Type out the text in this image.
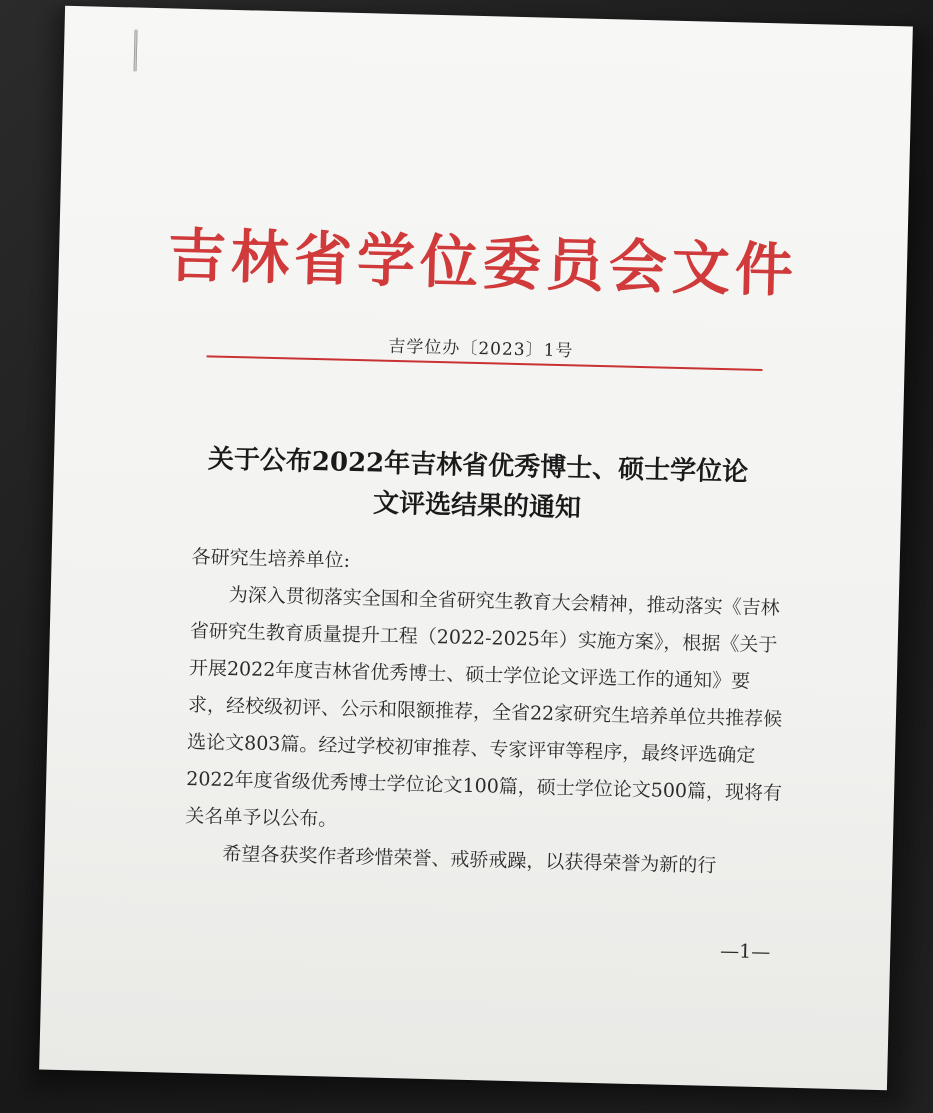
吉林省学位委员会文件
吉学位办〔2023〕1号
关于公布2022年吉林省优秀博士、硕士学位论
文评选结果的通知

各研究生培养单位:

为深入贯彻落实全国和全省研究生教育大会精神，推动落实《吉林省研究生教育质量提升工程（2022-2025年）实施方案》，根据《关于开展2022年度吉林省优秀博士、硕士学位论文评选工作的通知》要求，经校级初评、公示和限额推荐，全省22家研究生培养单位共推荐候选论文803篇。经过学校初审推荐、专家评审等程序，最终评选确定2022年度省级优秀博士学位论文100篇，硕士学位论文500篇，现将有关名单予以公布。

希望各获奖作者珍惜荣誉、戒骄戒躁，以获得荣誉为新的行

—1—
